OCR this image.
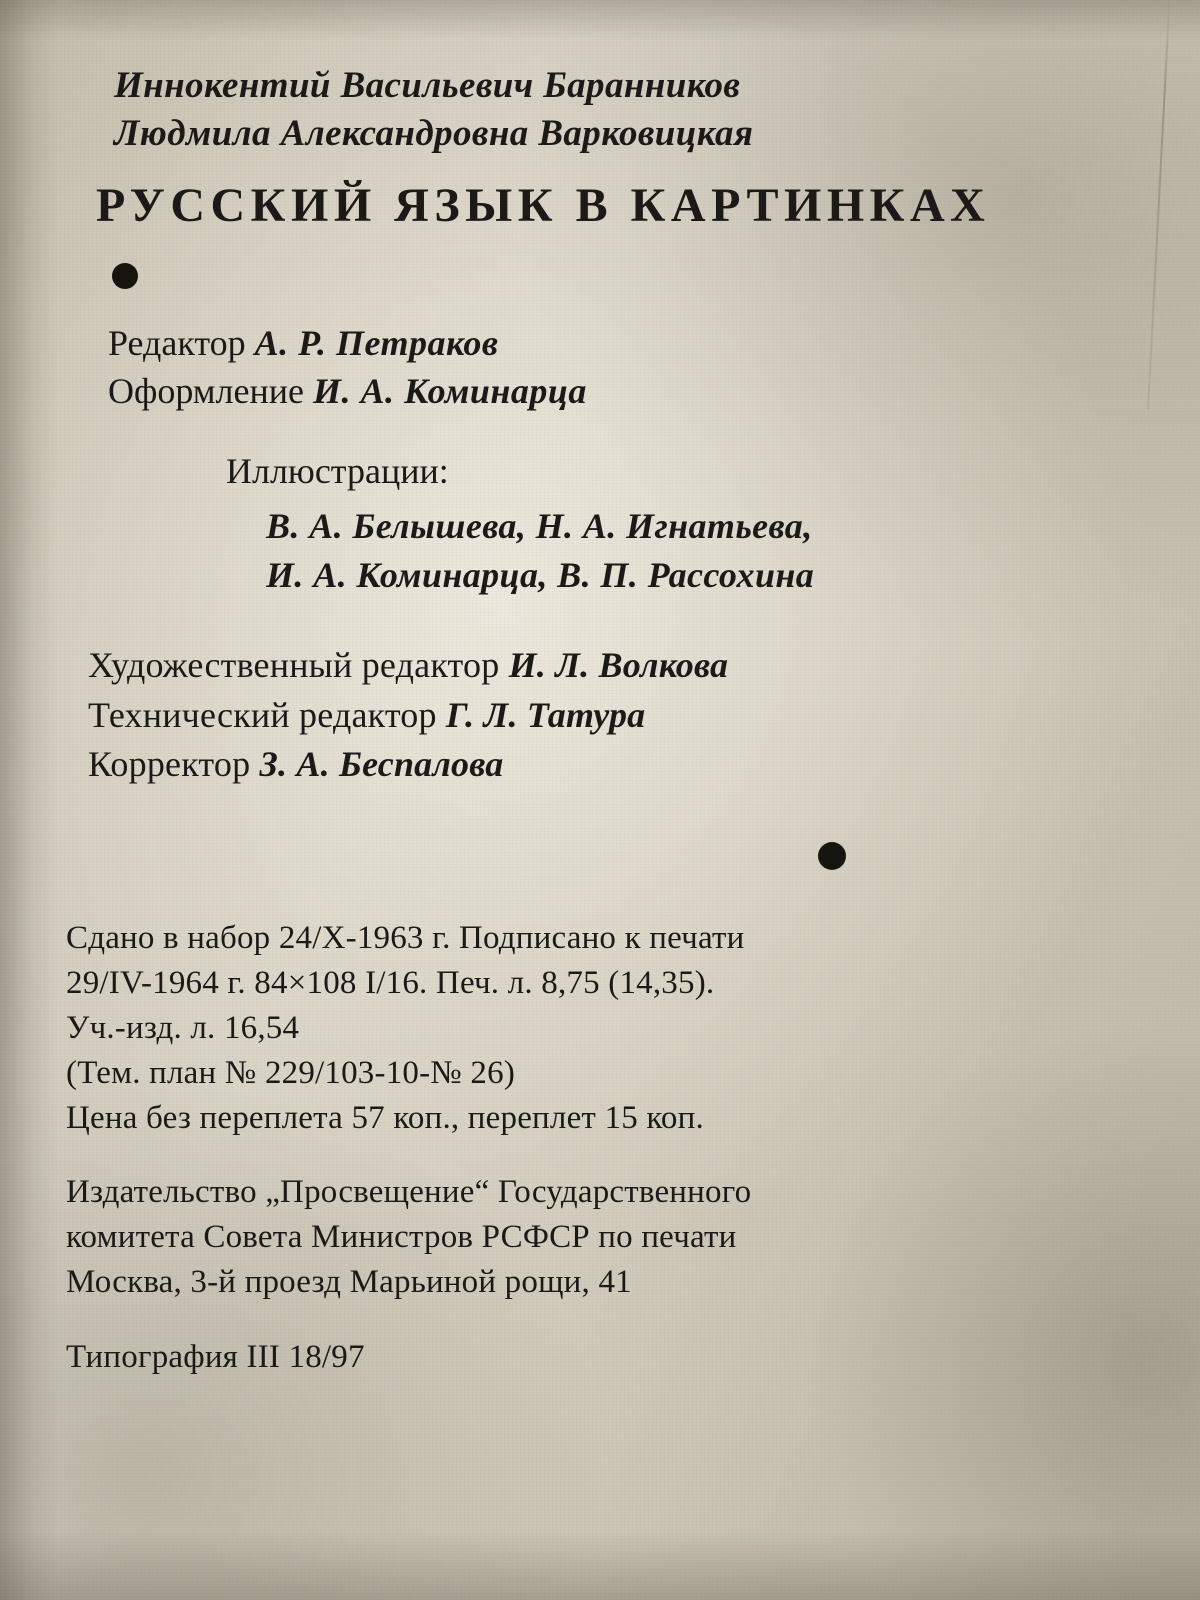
Иннокентий Васильевич Баранников
Людмила Александровна Варковицкая
РУССКИЙ ЯЗЫК В КАРТИНКАХ
Редактор А. Р. Петраков
Оформление И. А. Коминарца
Иллюстрации:
В. А. Белышева, Н. А. Игнатьева,
И. А. Коминарца, В. П. Рассохина
Художественный редактор И. Л. Волкова
Технический редактор Г. Л. Татура
Корректор З. А. Беспалова
Сдано в набор 24/X-1963 г. Подписано к печати
29/IV-1964 г. 84×108 I/16. Печ. л. 8,75 (14,35).
Уч.-изд. л. 16,54
(Тем. план № 229/103-10-№ 26)
Цена без переплета 57 коп., переплет 15 коп.
Издательство „Просвещение“ Государственного
комитета Совета Министров РСФСР по печати
Москва, 3-й проезд Марьиной рощи, 41
Типография III 18/97
